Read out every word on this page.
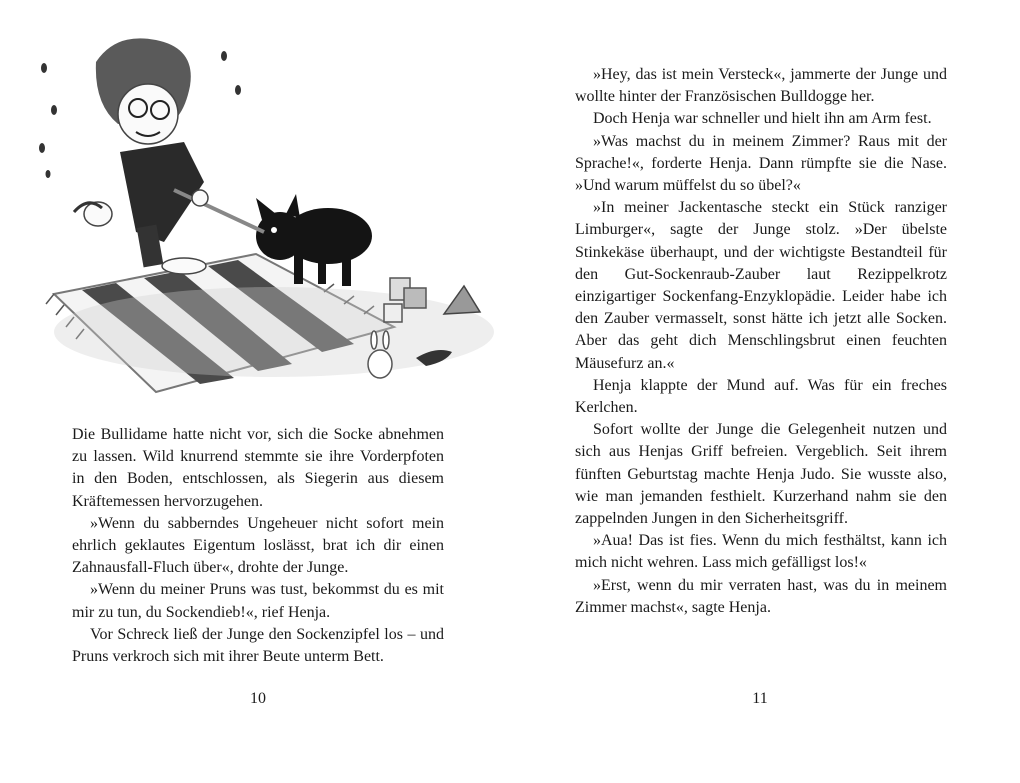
Die Bullidame hatte nicht vor, sich die Socke abnehmen zu lassen. Wild knurrend stemmte sie ihre Vorderpfoten in den Boden, entschlossen, als Siegerin aus diesem Kräftemessen hervorzugehen.

»Wenn du sabberndes Ungeheuer nicht sofort mein ehrlich geklautes Eigentum loslässt, brat ich dir einen Zahnausfall-Fluch über«, drohte der Junge.

»Wenn du meiner Pruns was tust, bekommst du es mit mir zu tun, du Sockendieb!«, rief Henja.

Vor Schreck ließ der Junge den Sockenzipfel los – und Pruns verkroch sich mit ihrer Beute unterm Bett.

10

»Hey, das ist mein Versteck«, jammerte der Junge und wollte hinter der Französischen Bulldogge her.

Doch Henja war schneller und hielt ihn am Arm fest.

»Was machst du in meinem Zimmer? Raus mit der Sprache!«, forderte Henja. Dann rümpfte sie die Nase. »Und warum müffelst du so übel?«

»In meiner Jackentasche steckt ein Stück ranziger Limburger«, sagte der Junge stolz. »Der übelste Stinkekäse überhaupt, und der wichtigste Bestandteil für den Gut-Sockenraub-Zauber laut Rezippelkrotz einzigartiger Sockenfang-Enzyklopädie. Leider habe ich den Zauber vermasselt, sonst hätte ich jetzt alle Socken. Aber das geht dich Menschlingsbrut einen feuchten Mäusefurz an.«

Henja klappte der Mund auf. Was für ein freches Kerlchen.

Sofort wollte der Junge die Gelegenheit nutzen und sich aus Henjas Griff befreien. Vergeblich. Seit ihrem fünften Geburtstag machte Henja Judo. Sie wusste also, wie man jemanden festhielt. Kurzerhand nahm sie den zappelnden Jungen in den Sicherheitsgriff.

»Aua! Das ist fies. Wenn du mich festhältst, kann ich mich nicht wehren. Lass mich gefälligst los!«

»Erst, wenn du mir verraten hast, was du in meinem Zimmer machst«, sagte Henja.

11
